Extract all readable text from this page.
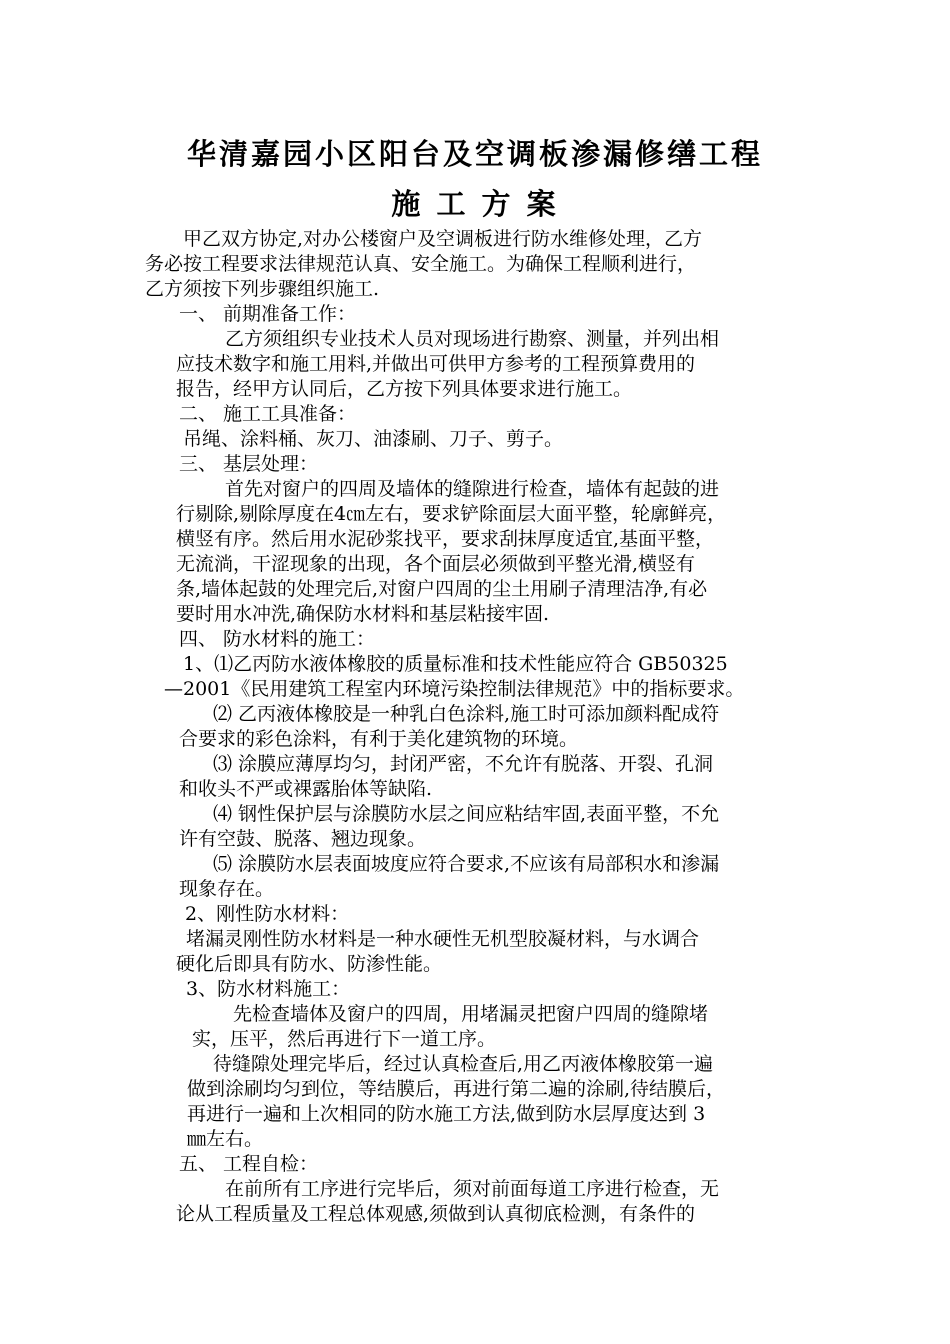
华清嘉园小区阳台及空调板渗漏修缮工程
施 工 方 案
甲乙双方协定,对办公楼窗户及空调板进行防水维修处理，乙方
务必按工程要求法律规范认真、安全施工。为确保工程顺利进行，
乙方须按下列步骤组织施工.
一、 前期准备工作：
乙方须组织专业技术人员对现场进行勘察、测量，并列出相
应技术数字和施工用料,并做出可供甲方参考的工程预算费用的
报告，经甲方认同后，乙方按下列具体要求进行施工。
二、 施工工具准备：
吊绳、涂料桶、灰刀、油漆刷、刀子、剪子。
三、 基层处理：
首先对窗户的四周及墙体的缝隙进行检查，墙体有起鼓的进
行剔除,剔除厚度在4㎝左右，要求铲除面层大面平整，轮廓鲜亮，
横竖有序。然后用水泥砂浆找平，要求刮抹厚度适宜,基面平整，
无流淌，干涩现象的出现，各个面层必须做到平整光滑,横竖有
条,墙体起鼓的处理完后,对窗户四周的尘土用刷子清理洁净,有必
要时用水冲洗,确保防水材料和基层粘接牢固.
四、 防水材料的施工：
1、⑴乙丙防水液体橡胶的质量标准和技术性能应符合 GB50325
—2001《民用建筑工程室内环境污染控制法律规范》中的指标要求。
⑵ 乙丙液体橡胶是一种乳白色涂料,施工时可添加颜料配成符
合要求的彩色涂料，有利于美化建筑物的环境。
⑶ 涂膜应薄厚均匀，封闭严密，不允许有脱落、开裂、孔洞
和收头不严或裸露胎体等缺陷.
⑷ 钢性保护层与涂膜防水层之间应粘结牢固,表面平整，不允
许有空鼓、脱落、翘边现象。
⑸ 涂膜防水层表面坡度应符合要求,不应该有局部积水和渗漏
现象存在。
2、刚性防水材料：
堵漏灵刚性防水材料是一种水硬性无机型胶凝材料，与水调合
硬化后即具有防水、防渗性能。
3、防水材料施工：
先检查墙体及窗户的四周，用堵漏灵把窗户四周的缝隙堵
实，压平，然后再进行下一道工序。
待缝隙处理完毕后，经过认真检查后,用乙丙液体橡胶第一遍
做到涂刷均匀到位，等结膜后，再进行第二遍的涂刷,待结膜后，
再进行一遍和上次相同的防水施工方法,做到防水层厚度达到 3
㎜左右。
五、 工程自检：
在前所有工序进行完毕后，须对前面每道工序进行检查，无
论从工程质量及工程总体观感,须做到认真彻底检测，有条件的
